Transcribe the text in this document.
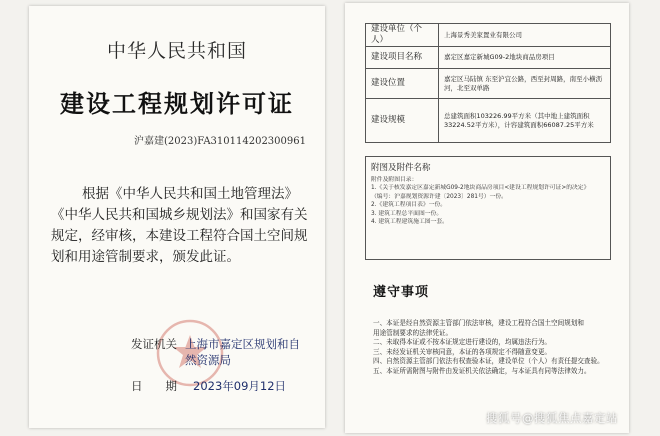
中华人民共和国
建设工程规划许可证
沪嘉建(2023)FA310114202300961

根据《中华人民共和国土地管理法》

《中华人民共和国城乡规划法》和国家有关规定，经审核，本建设工程符合国土空间规划和用途管制要求，颁发此证。

发证机关 上海市嘉定区规划和自然资源局
日　　期 2023年09月12日
建设单位（个人）	上海景秀美家置业有限公司
建设项目名称	嘉定区嘉定新城G09-2地块商品房项目
建设位置	嘉定区马陆镇 东至沪宜公路，西至封周路，南至小横沥河，北至双单路
建设规模	总建筑面积103226.99平方米（其中地上建筑面积33224.52平方米），计容建筑面积66087.25平方米
附图及附件名称
附件及附图目录：
1.《关于核发嘉定区嘉定新城G09-2地块商品房项目<建设工程规划许可证>的决定》
（编号：沪嘉规划资源许建〔2023〕281号）一份。
2.《建筑工程项目表》一份。
3. 建筑工程总平面图一份。
4. 建筑工程建筑施工图一套。
遵守事项
一、本证是经自然资源主管部门依法审核，建设工程符合国土空间规划和
用途管制要求的法律凭证。
二、未取得本证或不按本证规定进行建设的，均属违法行为。
三、未经发证机关审核同意，本证的各项规定不得随意变更。
四、自然资源主管部门依法有权查验本证，建设单位（个人）有责任提交查验。
五、本证所需附图与附件由发证机关依法确定，与本证具有同等法律效力。
搜狐号@搜狐焦点嘉定站
